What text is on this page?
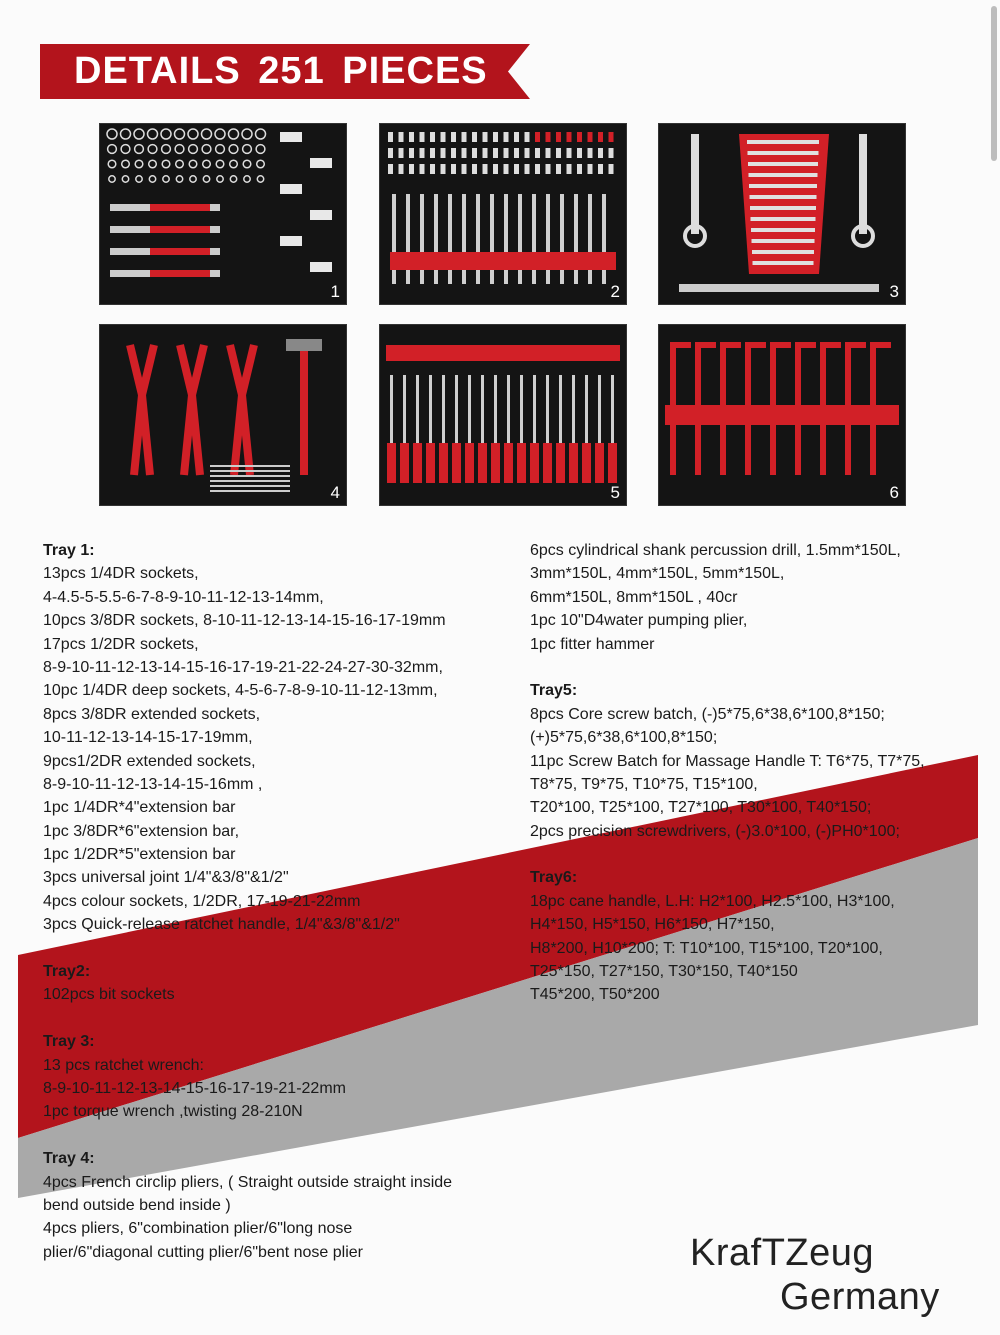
DETAILS 251 PIECES
1	2	3
4	5	6
Tray 1:
13pcs 1/4DR sockets,
4-4.5-5-5.5-6-7-8-9-10-11-12-13-14mm,
10pcs 3/8DR sockets, 8-10-11-12-13-14-15-16-17-19mm
17pcs 1/2DR sockets,
8-9-10-11-12-13-14-15-16-17-19-21-22-24-27-30-32mm,
10pc 1/4DR deep sockets, 4-5-6-7-8-9-10-11-12-13mm,
8pcs 3/8DR extended sockets,
10-11-12-13-14-15-17-19mm,
9pcs1/2DR extended sockets,
8-9-10-11-12-13-14-15-16mm ,
1pc 1/4DR*4"extension bar
1pc 3/8DR*6"extension bar,
1pc 1/2DR*5"extension bar
3pcs universal joint 1/4"&3/8"&1/2"
4pcs colour sockets, 1/2DR, 17-19-21-22mm
3pcs Quick-release ratchet handle, 1/4"&3/8"&1/2"
Tray2:
102pcs bit sockets
Tray 3:
13 pcs ratchet wrench:
8-9-10-11-12-13-14-15-16-17-19-21-22mm
1pc torque wrench ,twisting 28-210N
Tray 4:
4pcs French circlip pliers, ( Straight outside straight inside
bend outside bend inside )
4pcs pliers, 6"combination plier/6"long nose
plier/6"diagonal cutting plier/6"bent nose plier
6pcs cylindrical shank percussion drill, 1.5mm*150L,
3mm*150L, 4mm*150L, 5mm*150L,
6mm*150L, 8mm*150L , 40cr
1pc 10"D4water pumping plier,
1pc fitter hammer
Tray5:
8pcs Core screw batch, (-)5*75,6*38,6*100,8*150;
(+)5*75,6*38,6*100,8*150;
11pc Screw Batch for Massage Handle T: T6*75, T7*75,
T8*75, T9*75, T10*75, T15*100,
T20*100, T25*100, T27*100, T30*100, T40*150;
2pcs precision screwdrivers, (-)3.0*100, (-)PH0*100;
Tray6:
18pc cane handle, L.H: H2*100, H2.5*100, H3*100,
H4*150, H5*150, H6*150, H7*150,
H8*200, H10*200; T: T10*100, T15*100, T20*100,
T25*150, T27*150, T30*150, T40*150
T45*200, T50*200
KrafTZeug
Germany
